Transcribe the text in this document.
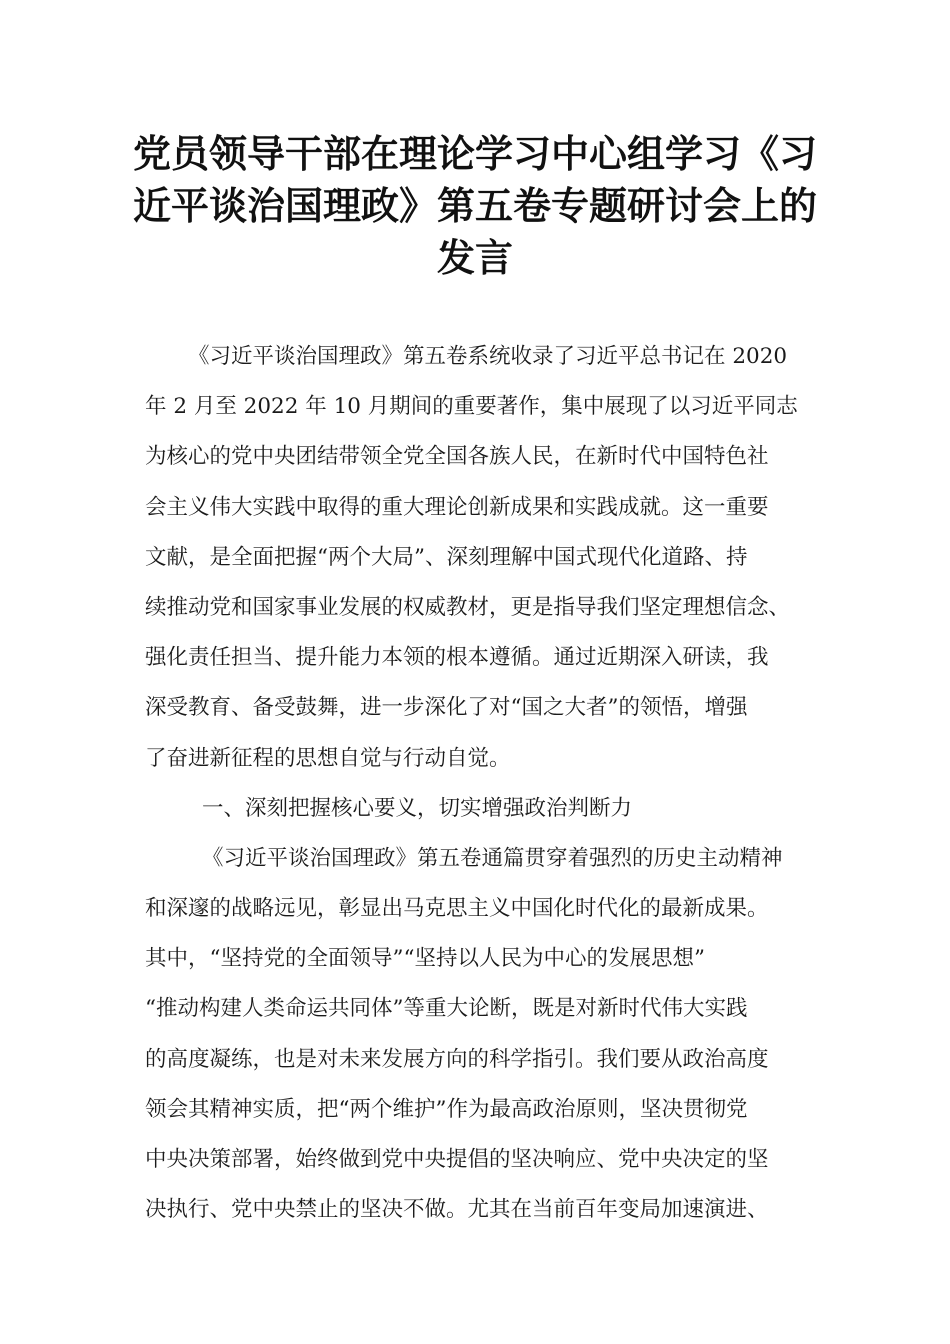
党员领导干部在理论学习中心组学习《习
近平谈治国理政》第五卷专题研讨会上的
发言
《习近平谈治国理政》第五卷系统收录了习近平总书记在 2020
年 2 月至 2022 年 10 月期间的重要著作，集中展现了以习近平同志
为核心的党中央团结带领全党全国各族人民，在新时代中国特色社
会主义伟大实践中取得的重大理论创新成果和实践成就。这一重要
文献，是全面把握“两个大局”、深刻理解中国式现代化道路、持
续推动党和国家事业发展的权威教材，更是指导我们坚定理想信念、
强化责任担当、提升能力本领的根本遵循。通过近期深入研读，我
深受教育、备受鼓舞，进一步深化了对“国之大者”的领悟，增强
了奋进新征程的思想自觉与行动自觉。
一、深刻把握核心要义，切实增强政治判断力
《习近平谈治国理政》第五卷通篇贯穿着强烈的历史主动精神
和深邃的战略远见，彰显出马克思主义中国化时代化的最新成果。
其中，“坚持党的全面领导”“坚持以人民为中心的发展思想”
“推动构建人类命运共同体”等重大论断，既是对新时代伟大实践
的高度凝练，也是对未来发展方向的科学指引。我们要从政治高度
领会其精神实质，把“两个维护”作为最高政治原则，坚决贯彻党
中央决策部署，始终做到党中央提倡的坚决响应、党中央决定的坚
决执行、党中央禁止的坚决不做。尤其在当前百年变局加速演进、
